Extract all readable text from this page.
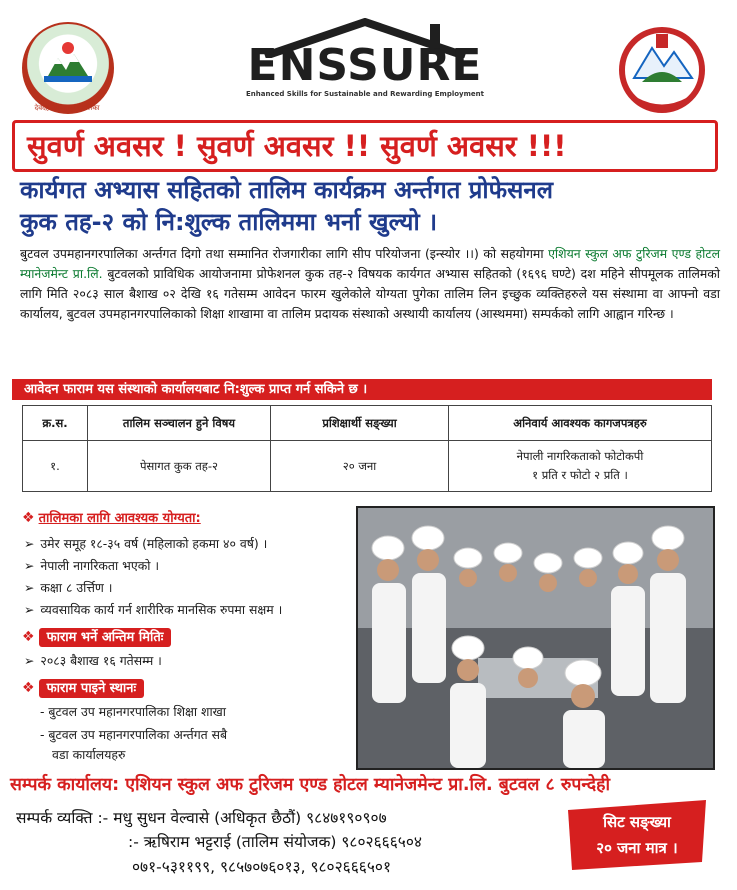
देवदह उपमहानगरपालिका
ENSSURE
Enhanced Skills for Sustainable and Rewarding Employment
सुवर्ण अवसर ! सुवर्ण अवसर !! सुवर्ण अवसर !!!
कार्यगत अभ्यास सहितको तालिम कार्यक्रम अर्न्तगत प्रोफेसनल
कुक तह-२ को नि:शुल्क तालिममा भर्ना खुल्यो ।
बुटवल उपमहानगरपालिका अर्न्तगत दिगो तथा सम्मानित रोजगारीका लागि सीप परियोजना (इन्स्योर ।।) को सहयोगमा एशियन स्कुल अफ टुरिजम एण्ड होटल म्यानेजमेन्ट प्रा.लि. बुटवलको प्राविधिक आयोजनामा प्रोफेशनल कुक तह-२ विषयक कार्यगत अभ्यास सहितको (१६९६ घण्टे) दश महिने सीपमूलक तालिमको लागि मिति २०८३ साल बैशाख ०२ देखि १६ गतेसम्म आवेदन फारम खुलेकोले योग्यता पुगेका तालिम लिन इच्छुक व्यक्तिहरुले यस संस्थामा वा आफ्नो वडा कार्यालय, बुटवल उपमहानगरपालिकाको शिक्षा शाखामा वा तालिम प्रदायक संस्थाको अस्थायी कार्यालय (आस्थममा) सम्पर्कको लागि आह्वान गरिन्छ ।
आवेदन फाराम यस संस्थाको कार्यालयबाट नि:शुल्क प्राप्त गर्न सकिने छ ।
क्र.स.	तालिम सञ्चालन हुने विषय	प्रशिक्षार्थी सङ्ख्या	अनिवार्य आवश्यक कागजपत्रहरु
१.	पेसागत कुक तह-२	२० जना	नेपाली नागरिकताको फोटोकपी
१ प्रति र फोटो २ प्रति ।
❖ तालिमका लागि आवश्यक योग्यता:
➢ उमेर समूह १८-३५ वर्ष (महिलाको हकमा ४० वर्ष) ।
➢ नेपाली नागरिकता भएको ।
➢ कक्षा ८ उर्त्तिण ।
➢ व्यवसायिक कार्य गर्न शारीरिक मानसिक रुपमा सक्षम ।
❖ फाराम भर्ने अन्तिम मितिः
➢ २०८३ बैशाख १६ गतेसम्म ।
❖ फाराम पाइने स्थानः
- बुटवल उप महानगरपालिका शिक्षा शाखा
- बुटवल उप महानगरपालिका अर्न्तगत सबै
वडा कार्यालयहरु
सम्पर्क कार्यालय: एशियन स्कुल अफ टुरिजम एण्ड होटल म्यानेजमेन्ट प्रा.लि. बुटवल ८ रुपन्देही
सम्पर्क व्यक्ति :- मधु सुधन वेल्वासे (अधिकृत छैठौं) ९८४७१९०९०७
:- ऋषिराम भट्टराई (तालिम संयोजक) ९८०२६६६५०४
०७१-५३११९९, ९८५७०७६०१३, ९८०२६६६५०१
सिट सङ्ख्या
२० जना मात्र ।
